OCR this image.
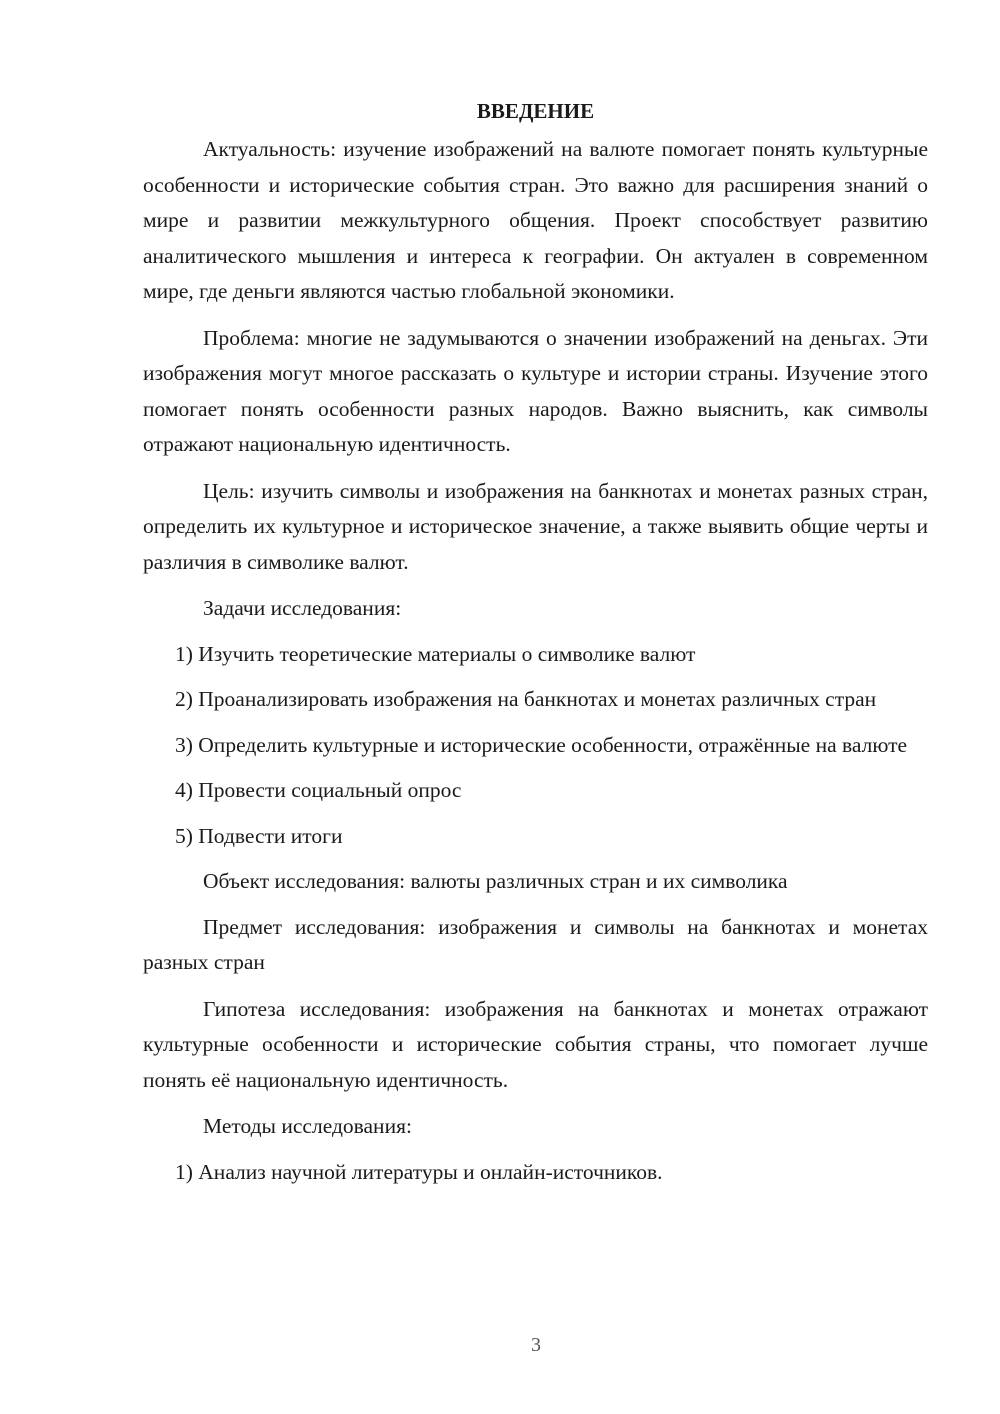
ВВЕДЕНИЕ

Актуальность: изучение изображений на валюте помогает понять культурные особенности и исторические события стран. Это важно для расширения знаний о мире и развитии межкультурного общения. Проект способствует развитию аналитического мышления и интереса к географии. Он актуален в современном мире, где деньги являются частью глобальной экономики.

Проблема: многие не задумываются о значении изображений на деньгах. Эти изображения могут многое рассказать о культуре и истории страны. Изучение этого помогает понять особенности разных народов. Важно выяснить, как символы отражают национальную идентичность.

Цель: изучить символы и изображения на банкнотах и монетах разных стран, определить их культурное и историческое значение, а также выявить общие черты и различия в символике валют.

Задачи исследования:

1) Изучить теоретические материалы о символике валют

2) Проанализировать изображения на банкнотах и монетах различных стран

3) Определить культурные и исторические особенности, отражённые на валюте

4) Провести социальный опрос

5) Подвести итоги

Объект исследования: валюты различных стран и их символика

Предмет исследования: изображения и символы на банкнотах и монетах разных стран

Гипотеза исследования: изображения на банкнотах и монетах отражают культурные особенности и исторические события страны, что помогает лучше понять её национальную идентичность.

Методы исследования:

1) Анализ научной литературы и онлайн-источников.

3
